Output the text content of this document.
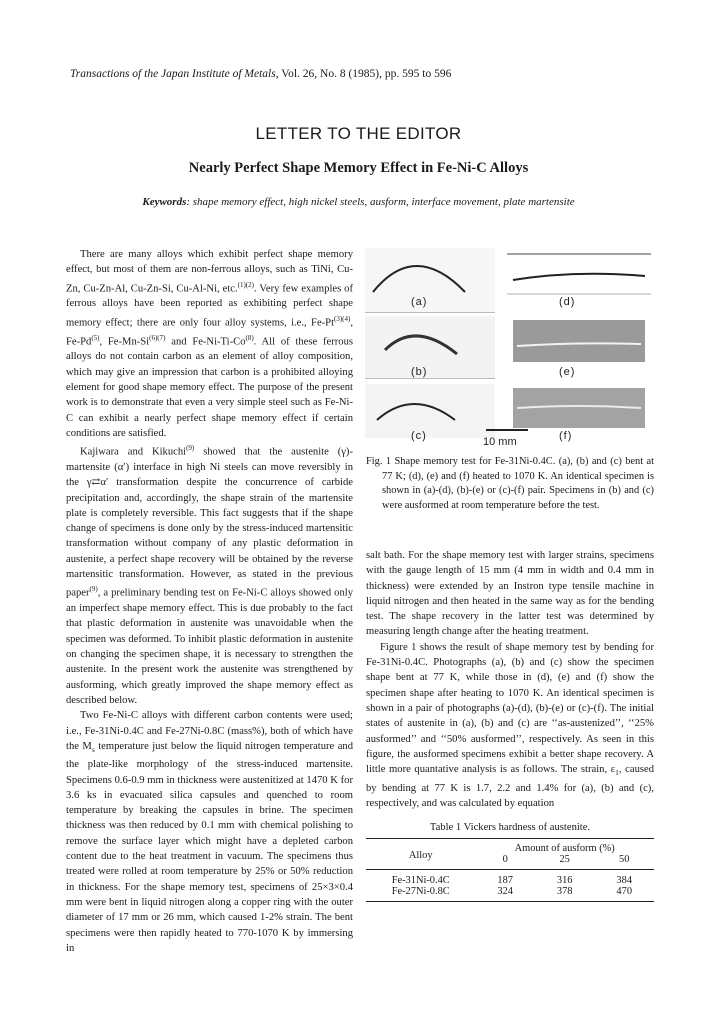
Transactions of the Japan Institute of Metals, Vol. 26, No. 8 (1985), pp. 595 to 596
LETTER TO THE EDITOR
Nearly Perfect Shape Memory Effect in Fe-Ni-C Alloys
Keywords: shape memory effect, high nickel steels, ausform, interface movement, plate martensite

There are many alloys which exhibit perfect shape memory effect, but most of them are non-ferrous alloys, such as TiNi, Cu-Zn, Cu-Zn-Al, Cu-Zn-Si, Cu-Al-Ni, etc.$^{(1)(2)}$. Very few examples of ferrous alloys have been reported as exhibiting perfect shape memory effect; there are only four alloy systems, i.e., $Fe-Pt^{(3)(4)}$, Fe-Pd$^{(5)}$, $Fe-Mn-Si^{(6)(7)}$ and Fe-Ni-Ti-Co$^{(8)}$. All of these ferrous alloys do not contain carbon as an element of alloy composition, which may give an impression that carbon is a prohibited alloying element for good shape memory effect. The purpose of the present work is to demonstrate that even a very simple steel such as Fe-Ni-C can exhibit a nearly perfect shape memory effect if certain conditions are satisfied.

Kajiwara and Kikuchi$^{(9)}$ showed that the austenite (γ)-martensite (α′) interface in high Ni steels can move reversibly in the γ⇄α′ transformation despite the concurrence of carbide precipitation and, accordingly, the shape strain of the martensite plate is completely reversible. This fact suggests that if the shape change of specimens is done only by the stress-induced martensitic transformation without company of any plastic deformation in austenite, a perfect shape recovery will be obtained by the reverse martensitic transformation. However, as stated in the previous paper$^{(9)}$, a preliminary bending test on Fe-Ni-C alloys showed only an imperfect shape memory effect. This is due probably to the fact that plastic deformation in austenite was unavoidable when the specimen was deformed. To inhibit plastic deformation in austenite on changing the specimen shape, it is necessary to strengthen the austenite. In the present work the austenite was strengthened by ausforming, which greatly improved the shape memory effect as described below.

Two Fe-Ni-C alloys with different carbon contents were used; i.e., Fe-31Ni-0.4C and Fe-27Ni-0.8C (mass%), both of which have the $M_s$ temperature just below the liquid nitrogen temperature and the plate-like morphology of the stress-induced martensite. Specimens 0.6-0.9 mm in thickness were austenitized at 1470 K for 3.6 ks in evacuated silica capsules and quenched to room temperature by breaking the capsules in brine. The specimen thickness was then reduced by 0.1 mm with chemical polishing to remove the surface layer which might have a depleted carbon content due to the heat treatment in vacuum. The specimens thus treated were rolled at room temperature by 25% or 50% reduction in thickness. For the shape memory test, specimens of 25×3×0.4 mm were bent in liquid nitrogen along a copper ring with the outer diameter of 17 mm or 26 mm, which caused 1-2% strain. The bent specimens were then rapidly heated to 770-1070 K by immersing in

(a)
(b)
(c)
(d)
(e)
(f)
10 mm
Fig. 1 Shape memory test for Fe-31Ni-0.4C. (a), (b) and (c) bent at 77 K; (d), (e) and (f) heated to 1070 K. An identical specimen is shown in (a)-(d), (b)-(e) or (c)-(f) pair. Specimens in (b) and (c) were ausformed at room temperature before the test.

salt bath. For the shape memory test with larger strains, specimens with the gauge length of 15 mm (4 mm in width and 0.4 mm in thickness) were extended by an Instron type tensile machine in liquid nitrogen and then heated in the same way as for the bending test. The shape recovery in the latter test was determined by measuring length change after the heating treatment.

Figure 1 shows the result of shape memory test by bending for Fe-31Ni-0.4C. Photographs (a), (b) and (c) show the specimen shape bent at 77 K, while those in (d), (e) and (f) show the specimen shape after heating to 1070 K. An identical specimen is shown in a pair of photographs (a)-(d), (b)-(e) or (c)-(f). The initial states of austenite in (a), (b) and (c) are ‘‘as-austenized’’, ‘‘25% ausformed’’ and ‘‘50% ausformed’’, respectively. As seen in this figure, the ausformed specimens exhibit a better shape recovery. A little more quantative analysis is as follows. The strain, $\varepsilon_1$, caused by bending at 77 K is 1.7, 2.2 and 1.4% for (a), (b) and (c), respectively, and was calculated by equation

Table 1 Vickers hardness of austenite.
Alloy	Amount of ausform (%)		
	0	25	50
Fe-31Ni-0.4C	187	316	384
Fe-27Ni-0.8C	324	378	470
